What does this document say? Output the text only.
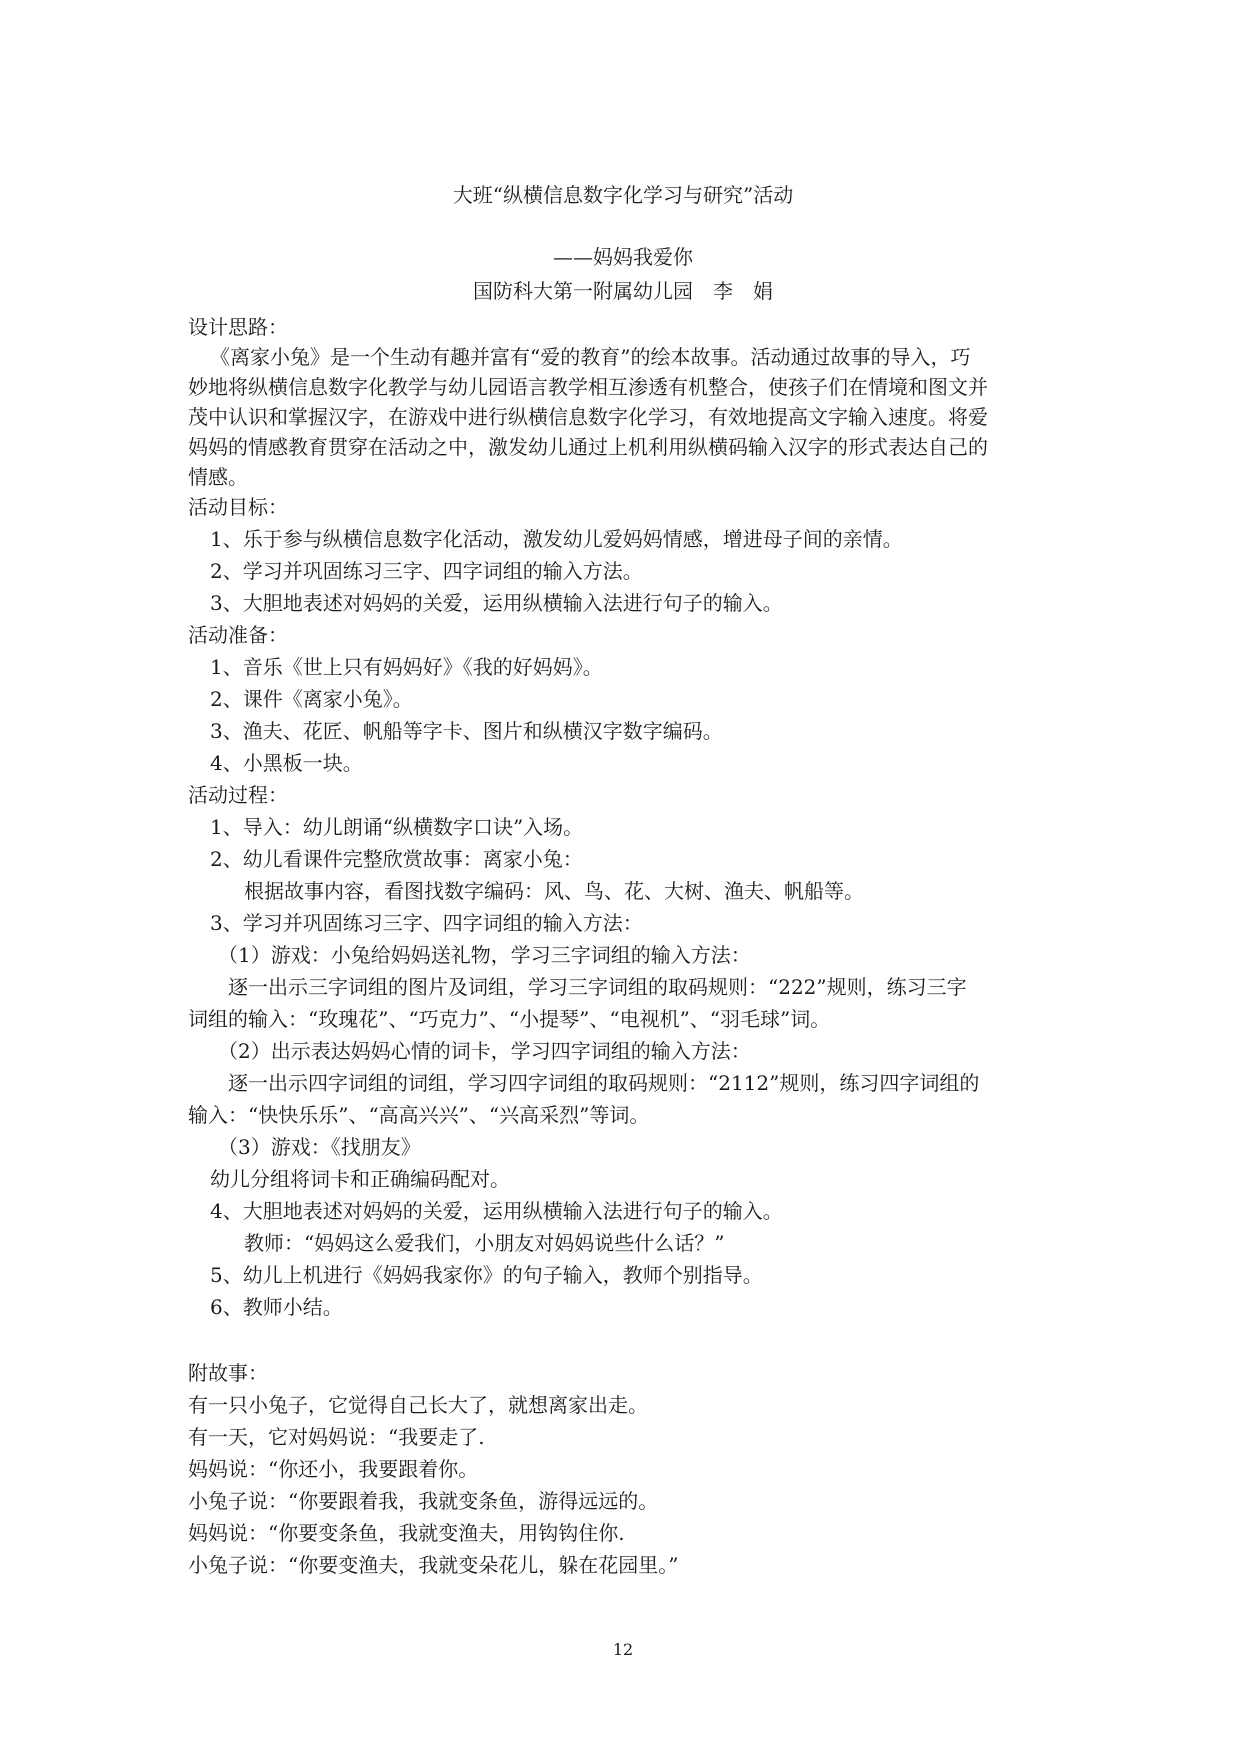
大班“纵横信息数字化学习与研究”活动
——妈妈我爱你
国防科大第一附属幼儿园　李　娟
设计思路：
《离家小兔》是一个生动有趣并富有“爱的教育”的绘本故事。活动通过故事的导入，巧
妙地将纵横信息数字化教学与幼儿园语言教学相互渗透有机整合，使孩子们在情境和图文并
茂中认识和掌握汉字，在游戏中进行纵横信息数字化学习，有效地提高文字输入速度。将爱
妈妈的情感教育贯穿在活动之中，激发幼儿通过上机利用纵横码输入汉字的形式表达自己的
情感。
活动目标：
1、乐于参与纵横信息数字化活动，激发幼儿爱妈妈情感，增进母子间的亲情。
2、学习并巩固练习三字、四字词组的输入方法。
3、大胆地表述对妈妈的关爱，运用纵横输入法进行句子的输入。
活动准备：
1、音乐《世上只有妈妈好》《我的好妈妈》。
2、课件《离家小兔》。
3、渔夫、花匠、帆船等字卡、图片和纵横汉字数字编码。
4、小黑板一块。
活动过程：
1、导入：幼儿朗诵“纵横数字口诀”入场。
2、幼儿看课件完整欣赏故事：离家小兔：
根据故事内容，看图找数字编码：风、鸟、花、大树、渔夫、帆船等。
3、学习并巩固练习三字、四字词组的输入方法：
（1）游戏：小兔给妈妈送礼物，学习三字词组的输入方法：
逐一出示三字词组的图片及词组，学习三字词组的取码规则：“222”规则，练习三字
词组的输入：“玫瑰花”、“巧克力”、“小提琴”、“电视机”、“羽毛球”词。
（2）出示表达妈妈心情的词卡，学习四字词组的输入方法：
逐一出示四字词组的词组，学习四字词组的取码规则：“2112”规则，练习四字词组的
输入：“快快乐乐”、“高高兴兴”、“兴高采烈”等词。
（3）游戏：《找朋友》
幼儿分组将词卡和正确编码配对。
4、大胆地表述对妈妈的关爱，运用纵横输入法进行句子的输入。
教师：“妈妈这么爱我们，小朋友对妈妈说些什么话？”
5、幼儿上机进行《妈妈我家你》的句子输入，教师个别指导。
6、教师小结。
附故事：
有一只小兔子，它觉得自己长大了，就想离家出走。
有一天，它对妈妈说：“我要走了.
妈妈说：“你还小，我要跟着你。
小兔子说：“你要跟着我，我就变条鱼，游得远远的。
妈妈说：“你要变条鱼，我就变渔夫，用钩钩住你.
小兔子说：“你要变渔夫，我就变朵花儿，躲在花园里。”
12
